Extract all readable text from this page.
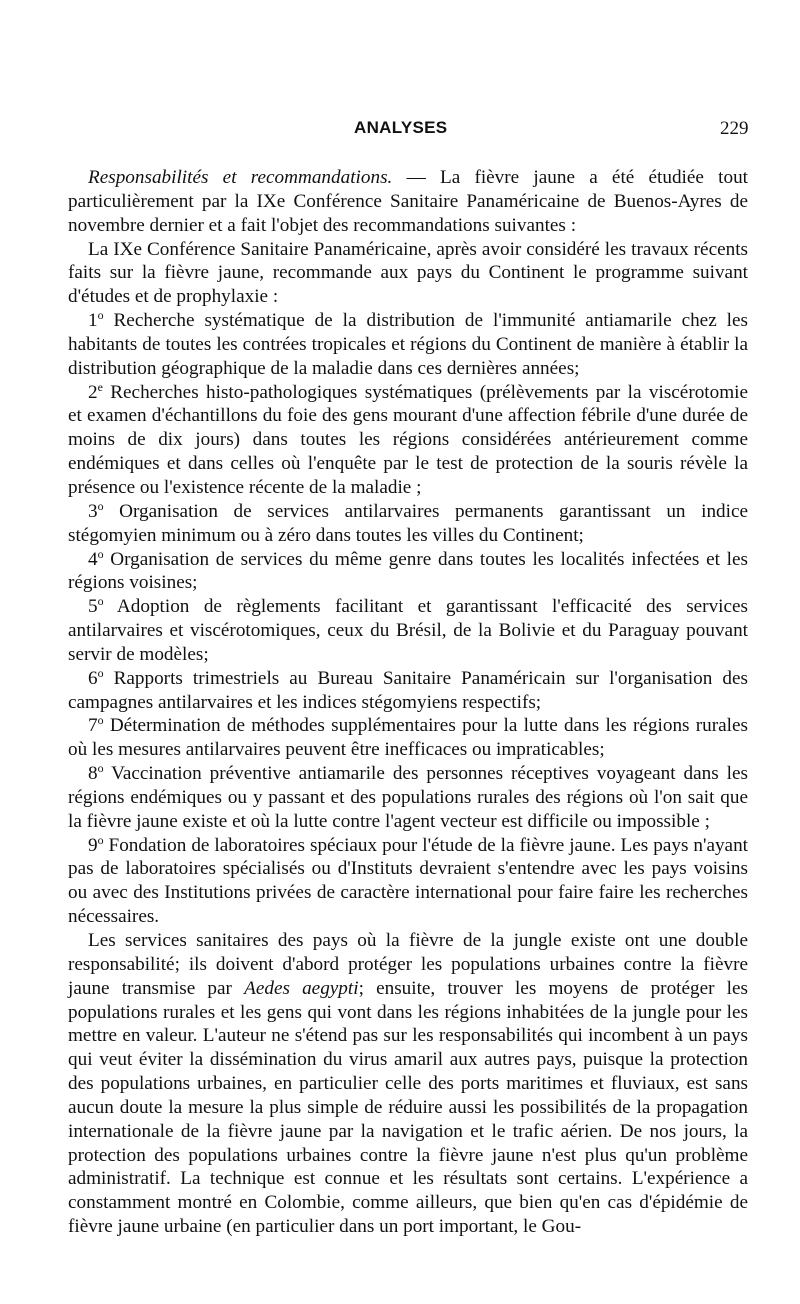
ANALYSES	229

Responsabilités et recommandations. — La fièvre jaune a été étudiée tout particulièrement par la IXe Conférence Sanitaire Panaméricaine de Buenos-Ayres de novembre dernier et a fait l'objet des recommandations suivantes :

La IXe Conférence Sanitaire Panaméricaine, après avoir considéré les travaux récents faits sur la fièvre jaune, recommande aux pays du Continent le programme suivant d'études et de prophylaxie :

1$^o$ Recherche systématique de la distribution de l'immunité antiamarile chez les habitants de toutes les contrées tropicales et régions du Continent de manière à établir la distribution géographique de la maladie dans ces dernières années;

2e Recherches histo-pathologiques systématiques (prélèvements par la viscérotomie et examen d'échantillons du foie des gens mourant d'une affection fébrile d'une durée de moins de dix jours) dans toutes les régions considérées antérieurement comme endémiques et dans celles où l'enquête par le test de protection de la souris révèle la présence ou l'existence récente de la maladie ;

3$^o$ Organisation de services antilarvaires permanents garantissant un indice stégomyien minimum ou à zéro dans toutes les villes du Continent;

4$^o$ Organisation de services du même genre dans toutes les localités infectées et les régions voisines;

5$^o$ Adoption de règlements facilitant et garantissant l'efficacité des services antilarvaires et viscérotomiques, ceux du Brésil, de la Bolivie et du Paraguay pouvant servir de modèles;

6$^o$ Rapports trimestriels au Bureau Sanitaire Panaméricain sur l'organisation des campagnes antilarvaires et les indices stégomyiens respectifs;

7$^o$ Détermination de méthodes supplémentaires pour la lutte dans les régions rurales où les mesures antilarvaires peuvent être inefficaces ou impraticables;

8$^o$ Vaccination préventive antiamarile des personnes réceptives voyageant dans les régions endémiques ou y passant et des populations rurales des régions où l'on sait que la fièvre jaune existe et où la lutte contre l'agent vecteur est difficile ou impossible ;

9$^o$ Fondation de laboratoires spéciaux pour l'étude de la fièvre jaune. Les pays n'ayant pas de laboratoires spécialisés ou d'Instituts devraient s'entendre avec les pays voisins ou avec des Institutions privées de caractère international pour faire faire les recherches nécessaires.

Les services sanitaires des pays où la fièvre de la jungle existe ont une double responsabilité; ils doivent d'abord protéger les populations urbaines contre la fièvre jaune transmise par Aedes aegypti; ensuite, trouver les moyens de protéger les populations rurales et les gens qui vont dans les régions inhabitées de la jungle pour les mettre en valeur. L'auteur ne s'étend pas sur les responsabilités qui incombent à un pays qui veut éviter la dissémination du virus amaril aux autres pays, puisque la protection des populations urbaines, en particulier celle des ports maritimes et fluviaux, est sans aucun doute la mesure la plus simple de réduire aussi les possibilités de la propagation internationale de la fièvre jaune par la navigation et le trafic aérien. De nos jours, la protection des populations urbaines contre la fièvre jaune n'est plus qu'un problème administratif. La technique est connue et les résultats sont certains. L'expérience a constamment montré en Colombie, comme ailleurs, que bien qu'en cas d'épidémie de fièvre jaune urbaine (en particulier dans un port important, le Gou-
